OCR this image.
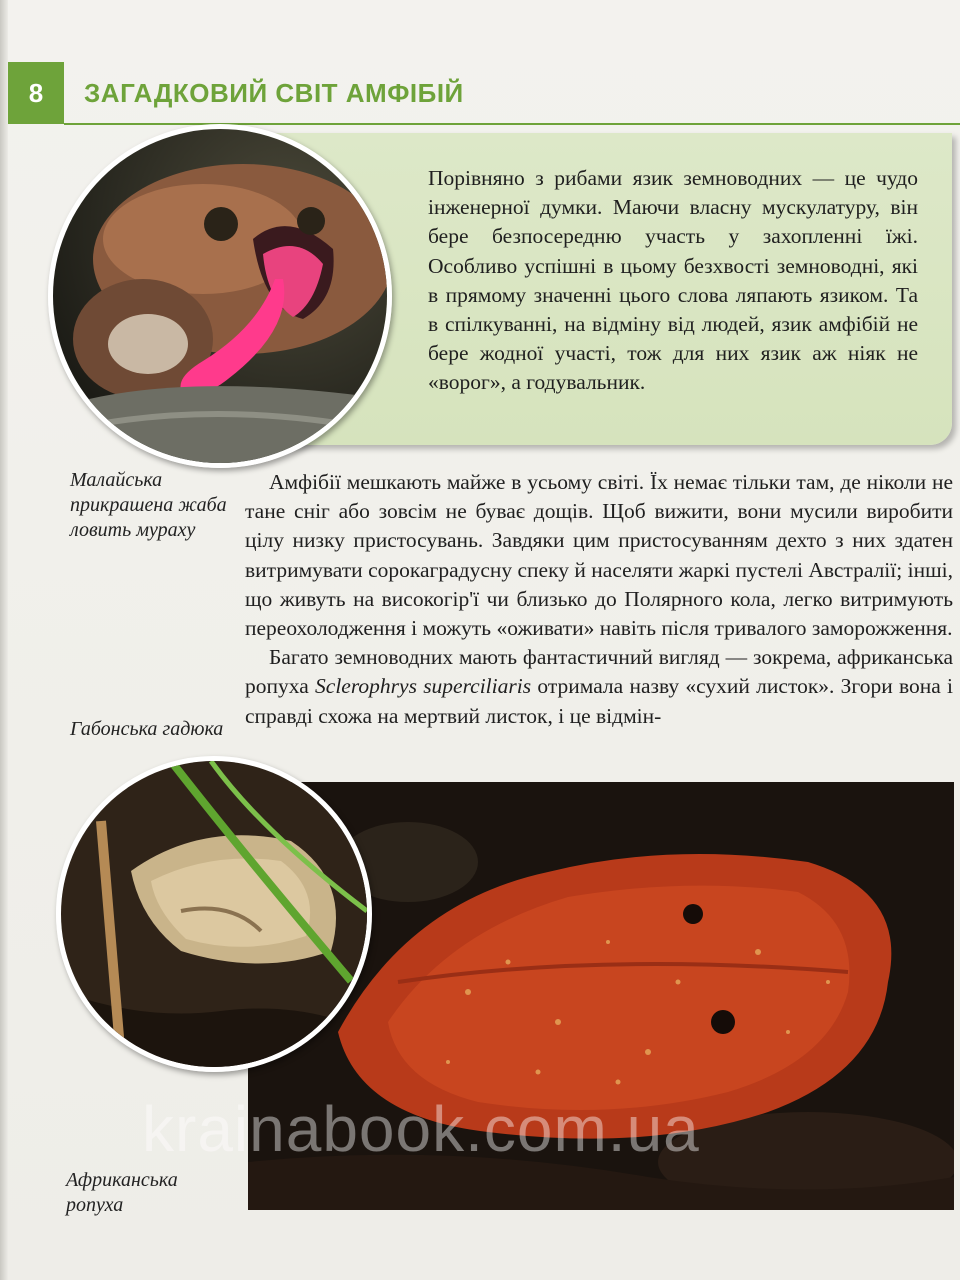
8	ЗАГАДКОВИЙ СВІТ АМФІБІЙ

Порівняно з рибами язик земноводних — це чудо інженерної думки. Маючи власну мускулатуру, він бере безпосередню участь у захопленні їжі. Особливо успішні в цьому безхвості земноводні, які в прямому значенні цього слова ляпають язиком. Та в спілкуванні, на відміну від людей, язик амфібій не бере жодної участі, тож для них язик аж ніяк не «ворог», а годувальник.

Малайська прикрашена жаба ловить мураху

Амфібії мешкають майже в усьому світі. Їх немає тільки там, де ніколи не тане сніг або зовсім не буває дощів. Щоб вижити, вони мусили виробити цілу низку пристосувань. Завдяки цим пристосуванням дехто з них здатен витримувати сорокаградусну спеку й населяти жаркі пустелі Австралії; інші, що живуть на високогір'ї чи близько до Полярного кола, легко витримують переохолодження і можуть «оживати» навіть після тривалого заморожження.

Багато земноводних мають фантастичний вигляд — зокрема, африканська ропуха Sclerophrys superciliaris отримала назву «сухий листок». Згори вона і справді схожа на мертвий листок, і це відмін-

Габонська гадюка
Африканська ропуха
krainabook.com.ua
